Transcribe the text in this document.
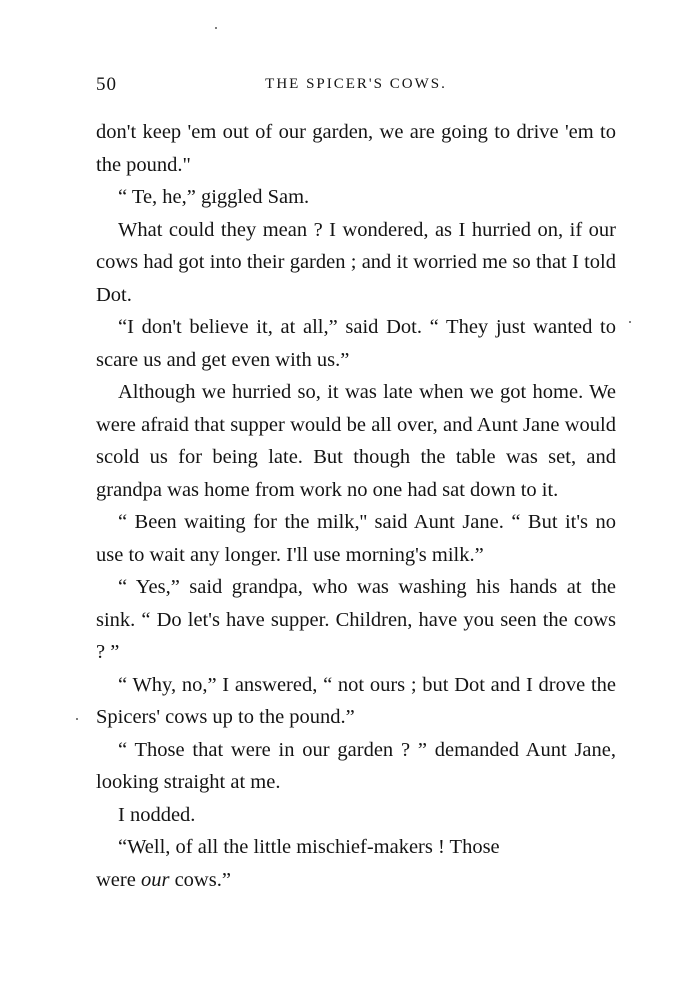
50	THE SPICER'S COWS.

don't keep 'em out of our garden, we are going to drive 'em to the pound."

“ Te, he,” giggled Sam.

What could they mean ? I wondered, as I hurried on, if our cows had got into their garden ; and it worried me so that I told Dot.

“I don't believe it, at all,” said Dot. “ They just wanted to scare us and get even with us.”

Although we hurried so, it was late when we got home. We were afraid that supper would be all over, and Aunt Jane would scold us for being late. But though the table was set, and grandpa was home from work no one had sat down to it.

“ Been waiting for the milk,'' said Aunt Jane. “ But it's no use to wait any longer. I'll use morning's milk.”

“ Yes,” said grandpa, who was washing his hands at the sink. “ Do let's have supper. Children, have you seen the cows ? ”

“ Why, no,” I answered, “ not ours ; but Dot and I drove the Spicers' cows up to the pound.”

“ Those that were in our garden ? ” demanded Aunt Jane, looking straight at me.

I nodded.

“Well, of all the little mischief-makers ! Those

were our cows.”
